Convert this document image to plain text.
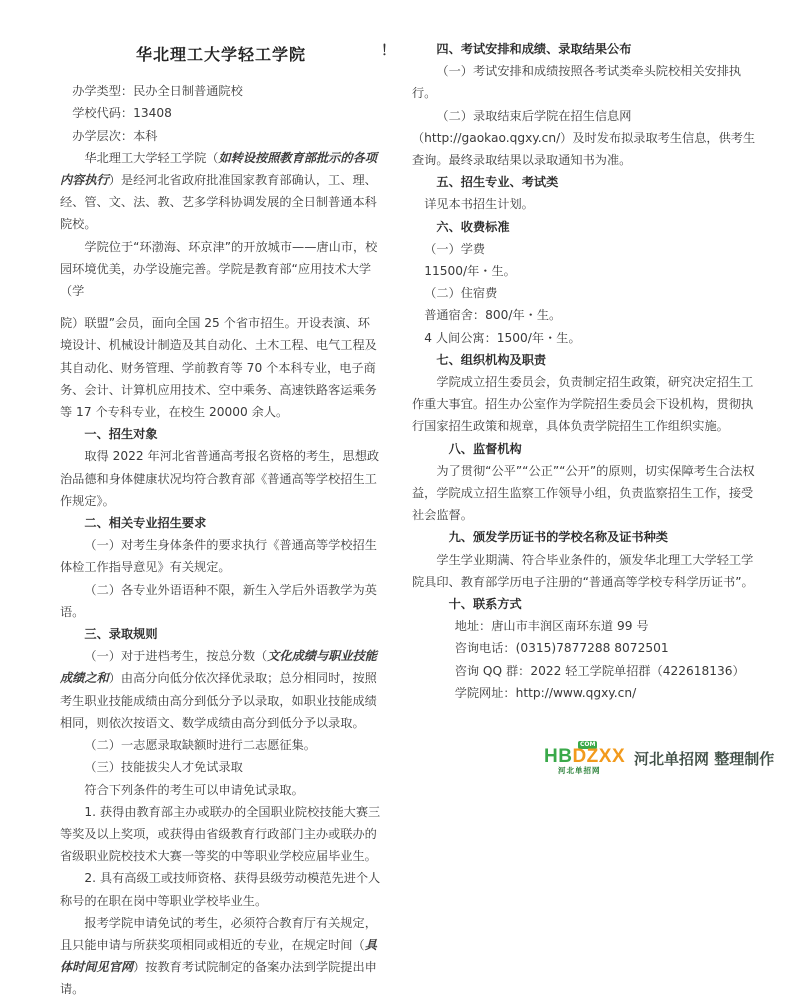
华北理工大学轻工学院

办学类型：民办全日制普通院校

学校代码：13408

办学层次：本科

华北理工大学轻工学院（如转设按照教育部批示的各项内容执行）是经河北省政府批准国家教育部确认，工、理、经、管、文、法、教、艺多学科协调发展的全日制普通本科院校。

学院位于“环渤海、环京津”的开放城市——唐山市，校园环境优美，办学设施完善。学院是教育部“应用技术大学（学

院）联盟”会员，面向全国 25 个省市招生。开设表演、环境设计、机械设计制造及其自动化、土木工程、电气工程及其自动化、财务管理、学前教育等 70 个本科专业，电子商务、会计、计算机应用技术、空中乘务、高速铁路客运乘务等 17 个专科专业，在校生 20000 余人。

一、招生对象

取得 2022 年河北省普通高考报名资格的考生，思想政治品德和身体健康状况均符合教育部《普通高等学校招生工作规定》。

二、相关专业招生要求

（一）对考生身体条件的要求执行《普通高等学校招生体检工作指导意见》有关规定。

（二）各专业外语语种不限，新生入学后外语教学为英语。

三、录取规则

（一）对于进档考生，按总分数（文化成绩与职业技能成绩之和）由高分向低分依次择优录取；总分相同时，按照考生职业技能成绩由高分到低分予以录取，如职业技能成绩相同，则依次按语文、数学成绩由高分到低分予以录取。

（二）一志愿录取缺额时进行二志愿征集。

（三）技能拔尖人才免试录取

符合下列条件的考生可以申请免试录取。

1. 获得由教育部主办或联办的全国职业院校技能大赛三等奖及以上奖项，或获得由省级教育行政部门主办或联办的省级职业院校技术大赛一等奖的中等职业学校应届毕业生。

2. 具有高级工或技师资格、获得县级劳动模范先进个人称号的在职在岗中等职业学校毕业生。

报考学院申请免试的考生，必须符合教育厅有关规定，且只能申请与所获奖项相同或相近的专业，在规定时间（具体时间见官网）按教育考试院制定的备案办法到学院提出申请。

！	四、考试安排和成绩、录取结果公布

（一）考试安排和成绩按照各考试类牵头院校相关安排执行。

（二）录取结束后学院在招生信息网（http://gaokao.qgxy.cn/）及时发布拟录取考生信息，供考生查询。最终录取结果以录取通知书为准。

五、招生专业、考试类

详见本书招生计划。

六、收费标准

（一）学费

11500/年・生。

（二）住宿费

普通宿舍：800/年・生。

4 人间公寓：1500/年・生。

七、组织机构及职责

学院成立招生委员会，负责制定招生政策，研究决定招生工作重大事宜。招生办公室作为学院招生委员会下设机构，贯彻执行国家招生政策和规章，具体负责学院招生工作组织实施。

八、监督机构

为了贯彻“公平”“公正”“公开”的原则，切实保障考生合法权益，学院成立招生监察工作领导小组，负责监察招生工作，接受社会监督。

九、颁发学历证书的学校名称及证书种类

学生学业期满、符合毕业条件的，颁发华北理工大学轻工学院具印、教育部学历电子注册的“普通高等学校专科学历证书”。

十、联系方式

地址：唐山市丰润区南环东道 99 号

咨询电话：(0315)7877288 8072501

咨询 QQ 群：2022 轻工学院单招群（422618136）

学院网址：http://www.qgxy.cn/

COM
HBDZXX
河北单招网
河北单招网 整理制作
